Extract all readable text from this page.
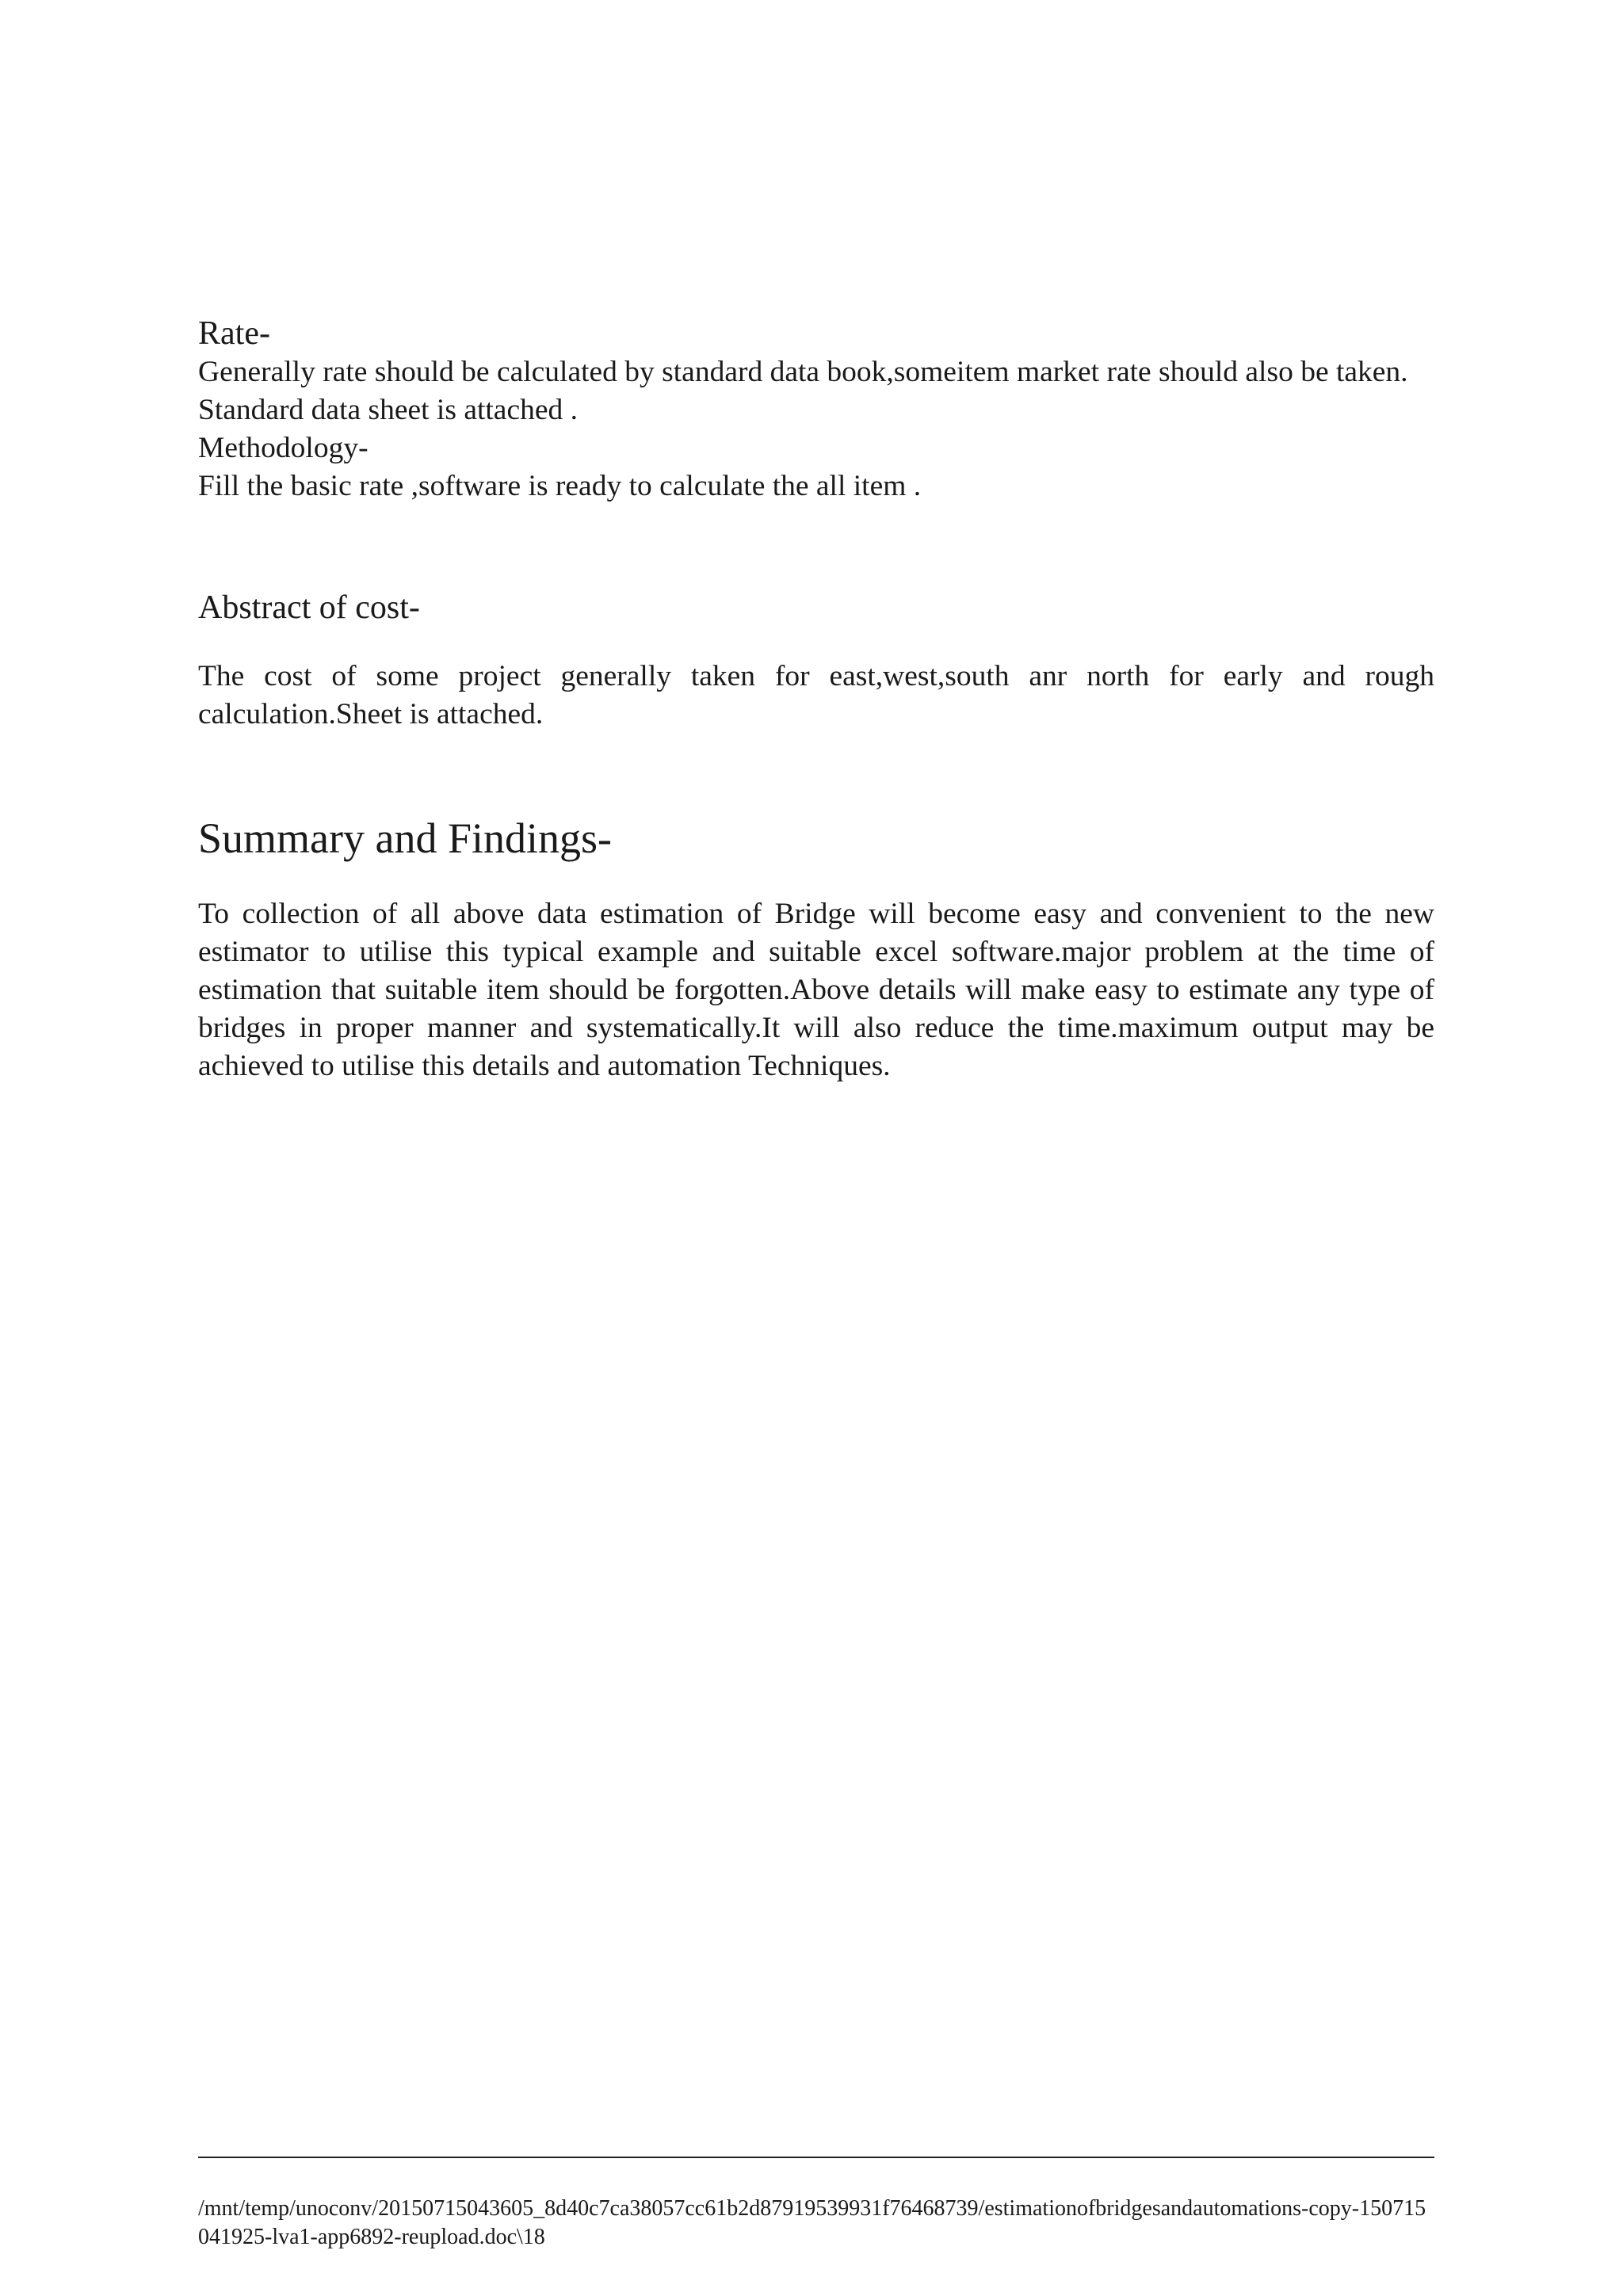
Rate-

Generally rate should be calculated by standard data book,someitem market rate should also be taken.

Standard data sheet is attached .

Methodology-

Fill the basic rate ,software is ready to calculate the all item .

Abstract of cost-

The cost of some project generally taken for east,west,south anr north for early and rough calculation.Sheet is attached.

Summary and Findings-

To collection of all above data estimation of Bridge will become easy and convenient to the new estimator to utilise this typical example and suitable excel software.major problem at the time of estimation that suitable item should be forgotten.Above details will make easy to estimate any type of bridges in proper manner and systematically.It will also reduce the time.maximum output may be achieved to utilise this details and automation Techniques.

/mnt/temp/unoconv/20150715043605_8d40c7ca38057cc61b2d87919539931f76468739/estimationofbridgesandautomations-copy-150715041925-lva1-app6892-reupload.doc\18
